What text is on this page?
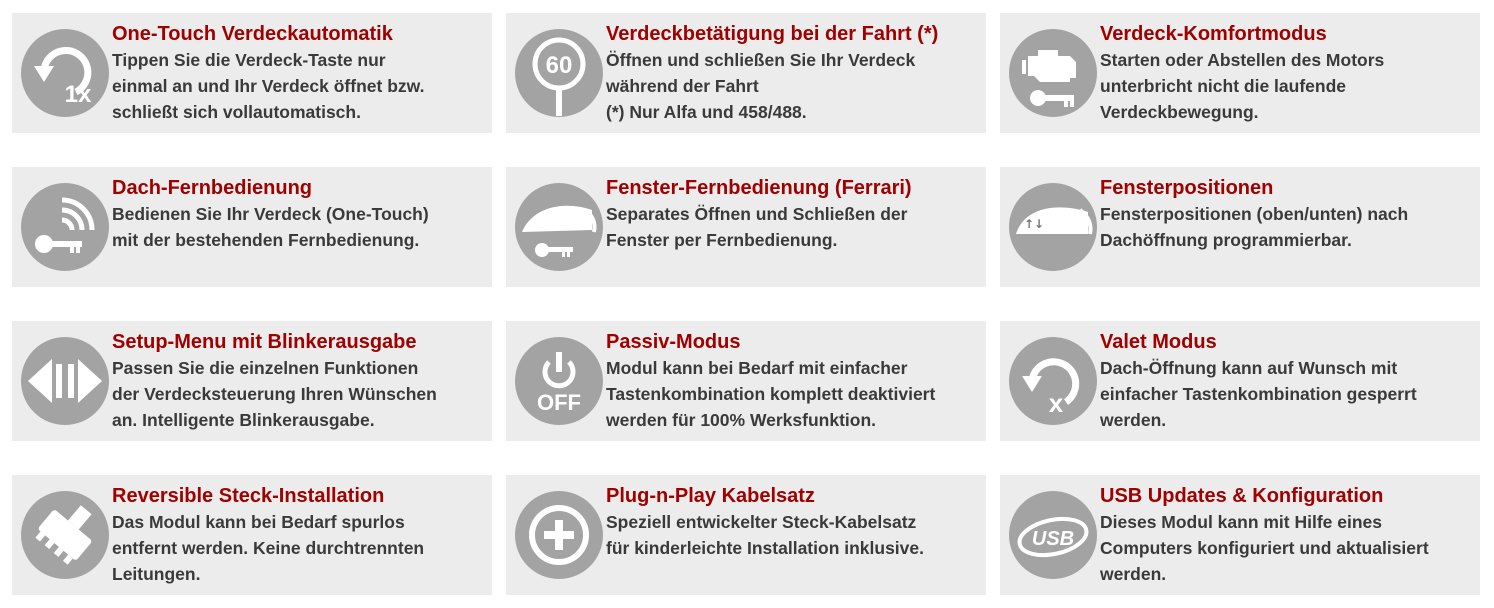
1x
One-Touch Verdeckautomatik
Tippen Sie die Verdeck-Taste nur
einmal an und Ihr Verdeck öffnet bzw.
schließt sich vollautomatisch.
60
Verdeckbetätigung bei der Fahrt (*)
Öffnen und schließen Sie Ihr Verdeck
während der Fahrt
(*) Nur Alfa und 458/488.
Verdeck-Komfortmodus
Starten oder Abstellen des Motors
unterbricht nicht die laufende
Verdeckbewegung.
Dach-Fernbedienung
Bedienen Sie Ihr Verdeck (One-Touch)
mit der bestehenden Fernbedienung.
Fenster-Fernbedienung (Ferrari)
Separates Öffnen und Schließen der
Fenster per Fernbedienung.
↑↓
Fensterpositionen
Fensterpositionen (oben/unten) nach
Dachöffnung programmierbar.
Setup-Menu mit Blinkerausgabe
Passen Sie die einzelnen Funktionen
der Verdecksteuerung Ihren Wünschen
an. Intelligente Blinkerausgabe.
OFF
Passiv-Modus
Modul kann bei Bedarf mit einfacher
Tastenkombination komplett deaktiviert
werden für 100% Werksfunktion.
x
Valet Modus
Dach-Öffnung kann auf Wunsch mit
einfacher Tastenkombination gesperrt
werden.
Reversible Steck-Installation
Das Modul kann bei Bedarf spurlos
entfernt werden. Keine durchtrennten
Leitungen.
Plug-n-Play Kabelsatz
Speziell entwickelter Steck-Kabelsatz
für kinderleichte Installation inklusive.	USB
USB Updates & Konfiguration
Dieses Modul kann mit Hilfe eines
Computers konfiguriert und aktualisiert
werden.
